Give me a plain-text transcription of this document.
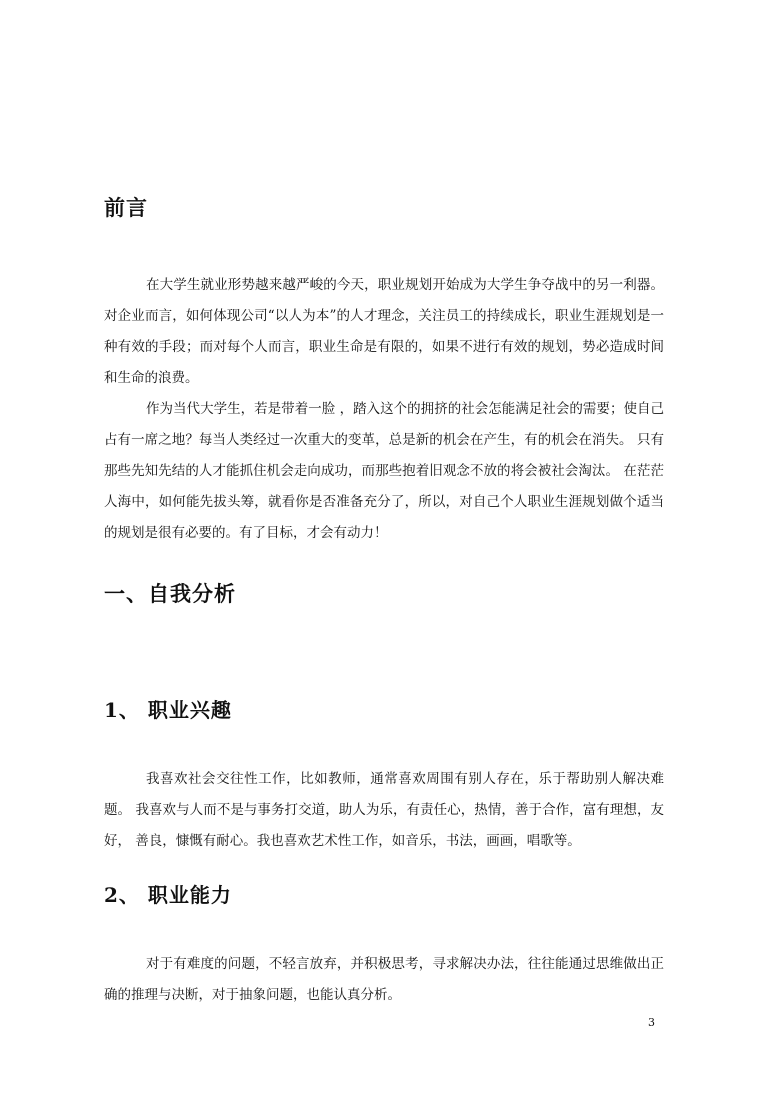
前言

在大学生就业形势越来越严峻的今天，职业规划开始成为大学生争夺战中的另一利器。 对企业而言，如何体现公司“以人为本”的人才理念，关注员工的持续成长，职业生涯规划是一种有效的手段；而对每个人而言，职业生命是有限的，如果不进行有效的规划，势必造成时间和生命的浪费。

作为当代大学生，若是带着一脸 ，踏入这个的拥挤的社会怎能满足社会的需要；使自己占有一席之地？每当人类经过一次重大的变革，总是新的机会在产生，有的机会在消失。 只有那些先知先结的人才能抓住机会走向成功，而那些抱着旧观念不放的将会被社会淘汰。 在茫茫人海中，如何能先拔头筹，就看你是否准备充分了，所以，对自己个人职业生涯规划做个适当的规划是很有必要的。有了目标，才会有动力！

一、自我分析
1、 职业兴趣

我喜欢社会交往性工作，比如教师，通常喜欢周围有别人存在，乐于帮助别人解决难题。 我喜欢与人而不是与事务打交道，助人为乐，有责任心，热情，善于合作，富有理想，友好， 善良，慷慨有耐心。我也喜欢艺术性工作，如音乐，书法，画画，唱歌等。

2、 职业能力

对于有难度的问题，不轻言放弃，并积极思考，寻求解决办法，往往能通过思维做出正 确的推理与决断，对于抽象问题，也能认真分析。

3
